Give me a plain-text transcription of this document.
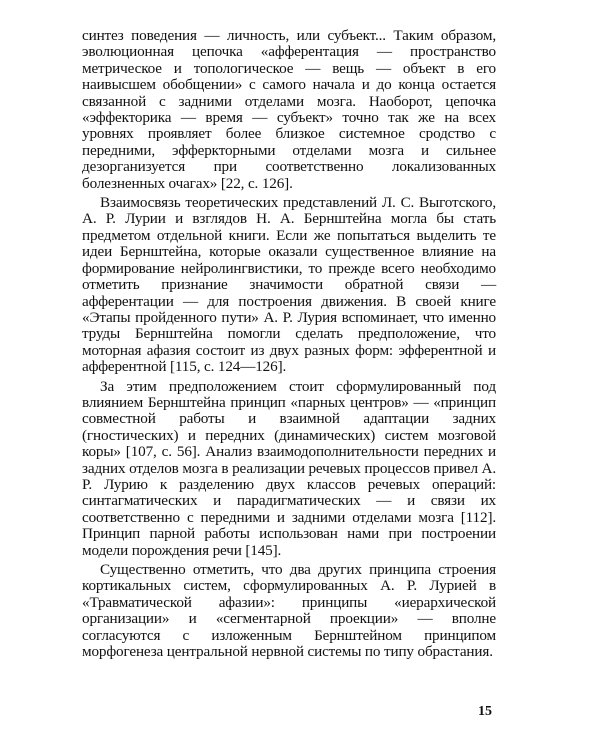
синтез поведения — личность, или субъект... Таким образом, эволюционная цепочка «афферентация — пространство метрическое и топологическое — вещь — объект в его наивысшем обобщении» с самого начала и до конца остается связанной с задними отделами мозга. Наоборот, цепочка «эффекторика — время — субъект» точно так же на всех уровнях проявляет более близкое системное сродство с передними, эфферкторными отделами мозга и сильнее дезорганизуется при соответственно локализованных болезненных очагах» [22, с. 126].

Взаимосвязь теоретических представлений Л. С. Выготского, А. Р. Лурии и взглядов Н. А. Бернштейна могла бы стать предметом отдельной книги. Если же попытаться выделить те идеи Бернштейна, которые оказали существенное влияние на формирование нейролингвистики, то прежде всего необходимо отметить признание значимости обратной связи — афферентации — для построения движения. В своей книге «Этапы пройденного пути» А. Р. Лурия вспоминает, что именно труды Бернштейна помогли сделать предположение, что моторная афазия состоит из двух разных форм: эфферентной и афферентной [115, с. 124—126].

За этим предположением стоит сформулированный под влиянием Бернштейна принцип «парных центров» — «принцип совместной работы и взаимной адаптации задних (гностических) и передних (динамических) систем мозговой коры» [107, с. 56]. Анализ взаимодополнительности передних и задних отделов мозга в реализации речевых процессов привел А. Р. Лурию к разделению двух классов речевых операций: синтагматических и парадигматических — и связи их соответственно с передними и задними отделами мозга [112]. Принцип парной работы использован нами при построении модели порождения речи [145].

Существенно отметить, что два других принципа строения кортикальных систем, сформулированных А. Р. Лурией в «Травматической афазии»: принципы «иерархической организации» и «сегментарной проекции» — вполне согласуются с изложенным Бернштейном принципом морфогенеза центральной нервной системы по типу обрастания.

15
